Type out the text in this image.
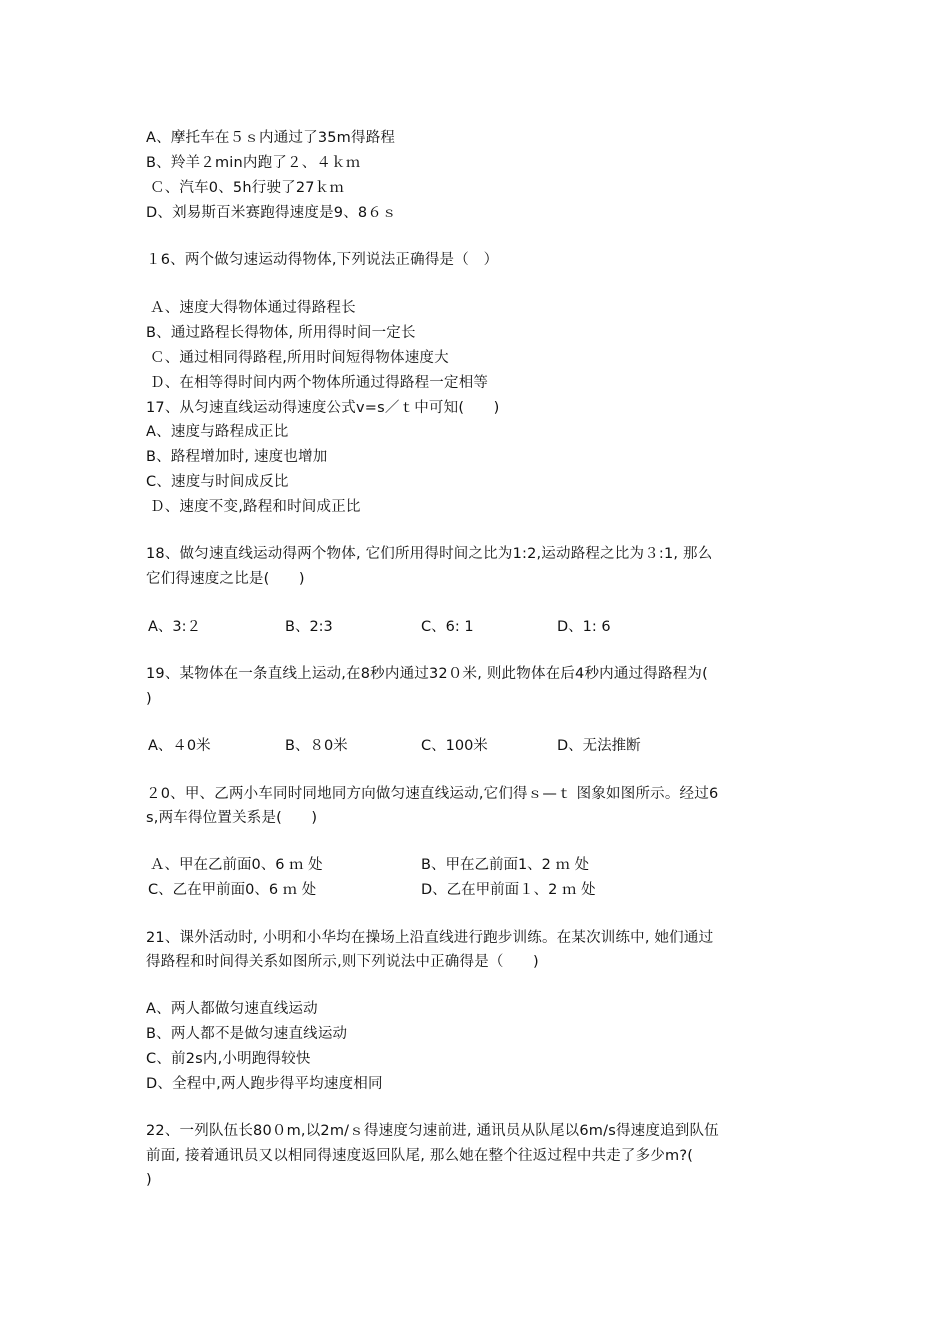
A、摩托车在５ｓ内通过了35m得路程
B、羚羊２min内跑了２、４ｋｍ
Ｃ、汽车0、5h行驶了27ｋｍ
D、刘易斯百米赛跑得速度是9、8６ｓ
１6、两个做匀速运动得物体,下列说法正确得是（　）
Ａ、速度大得物体通过得路程长
B、通过路程长得物体, 所用得时间一定长
Ｃ、通过相同得路程,所用时间短得物体速度大
Ｄ、在相等得时间内两个物体所通过得路程一定相等
17、从匀速直线运动得速度公式v=s／ｔ中可知(　　)
A、速度与路程成正比
B、路程增加时, 速度也增加
C、速度与时间成反比
Ｄ、速度不变,路程和时间成正比
18、做匀速直线运动得两个物体, 它们所用得时间之比为1:2,运动路程之比为３:1, 那么
它们得速度之比是(　　)
A、3:２	B、2:3	C、6: 1	D、1: 6
19、某物体在一条直线上运动,在8秒内通过32０米, 则此物体在后4秒内通过得路程为(
)
A、４0米	B、８0米	C、100米	D、无法推断
２0、甲、乙两小车同时同地同方向做匀速直线运动,它们得ｓ—ｔ 图象如图所示。经过6
s,两车得位置关系是(　　)
Ａ、甲在乙前面0、6 ｍ 处	B、甲在乙前面1、2 ｍ 处
C、乙在甲前面0、6 ｍ 处	D、乙在甲前面１、2 ｍ 处
21、课外活动时, 小明和小华均在操场上沿直线进行跑步训练。在某次训练中, 她们通过
得路程和时间得关系如图所示,则下列说法中正确得是（　　)
A、两人都做匀速直线运动
B、两人都不是做匀速直线运动
C、前2s内,小明跑得较快
D、全程中,两人跑步得平均速度相同
22、一列队伍长80０m,以2m/ｓ得速度匀速前进, 通讯员从队尾以6m/s得速度追到队伍
前面, 接着通讯员又以相同得速度返回队尾, 那么她在整个往返过程中共走了多少m?(
)
